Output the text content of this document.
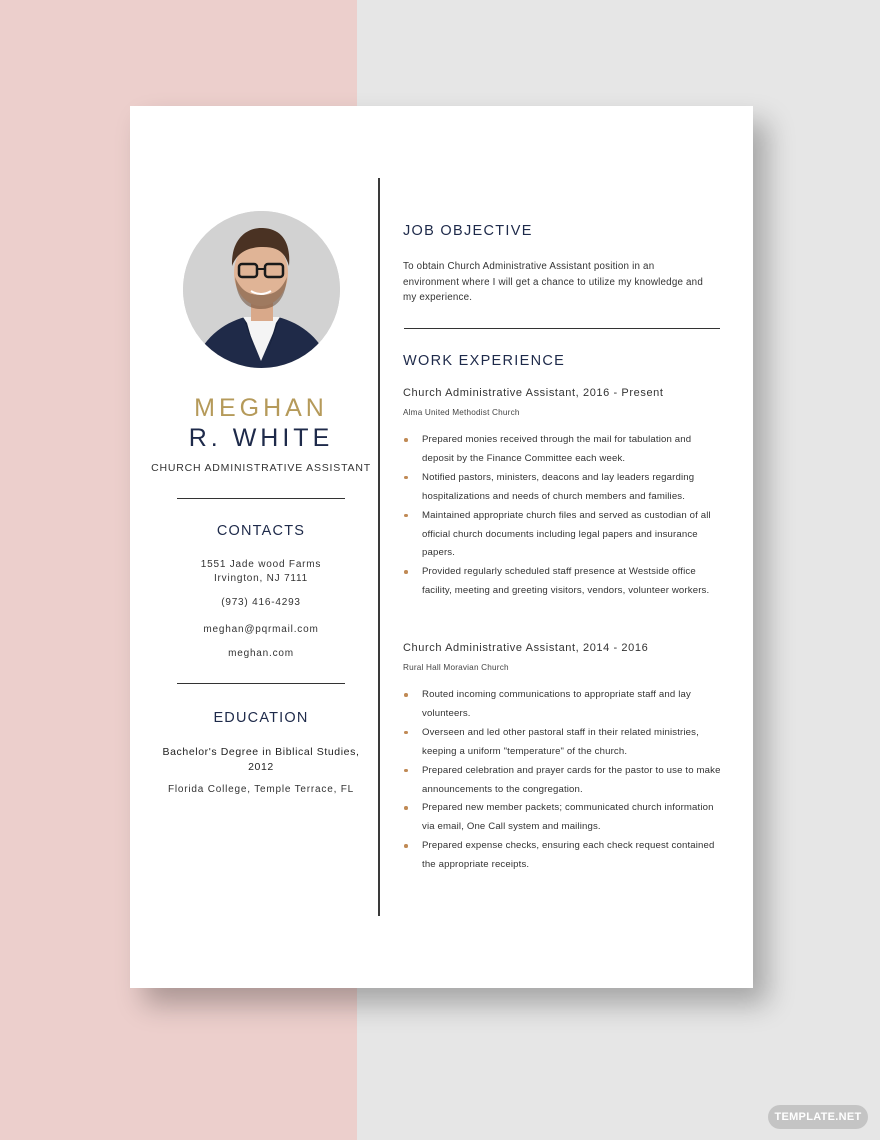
MEGHAN
R. WHITE
CHURCH ADMINISTRATIVE ASSISTANT
CONTACTS
1551 Jade wood Farms
Irvington, NJ 7111
(973) 416-4293
meghan@pqrmail.com
meghan.com
EDUCATION
Bachelor's Degree in Biblical Studies, 2012
Florida College, Temple Terrace, FL
JOB OBJECTIVE
To obtain Church Administrative Assistant position in an environment where I will get a chance to utilize my knowledge and my experience.
WORK EXPERIENCE
Church Administrative Assistant, 2016 - Present
Alma United Methodist Church
Prepared monies received through the mail for tabulation and deposit by the Finance Committee each week.
Notified pastors, ministers, deacons and lay leaders regarding hospitalizations and needs of church members and families.
Maintained appropriate church files and served as custodian of all official church documents including legal papers and insurance papers.
Provided regularly scheduled staff presence at Westside office facility, meeting and greeting visitors, vendors, volunteer workers.
Church Administrative Assistant, 2014 - 2016
Rural Hall Moravian Church
Routed incoming communications to appropriate staff and lay volunteers.
Overseen and led other pastoral staff in their related ministries, keeping a uniform "temperature" of the church.
Prepared celebration and prayer cards for the pastor to use to make announcements to the congregation.
Prepared new member packets; communicated church information via email, One Call system and mailings.
Prepared expense checks, ensuring each check request contained the appropriate receipts.
TEMPLATE.NET
